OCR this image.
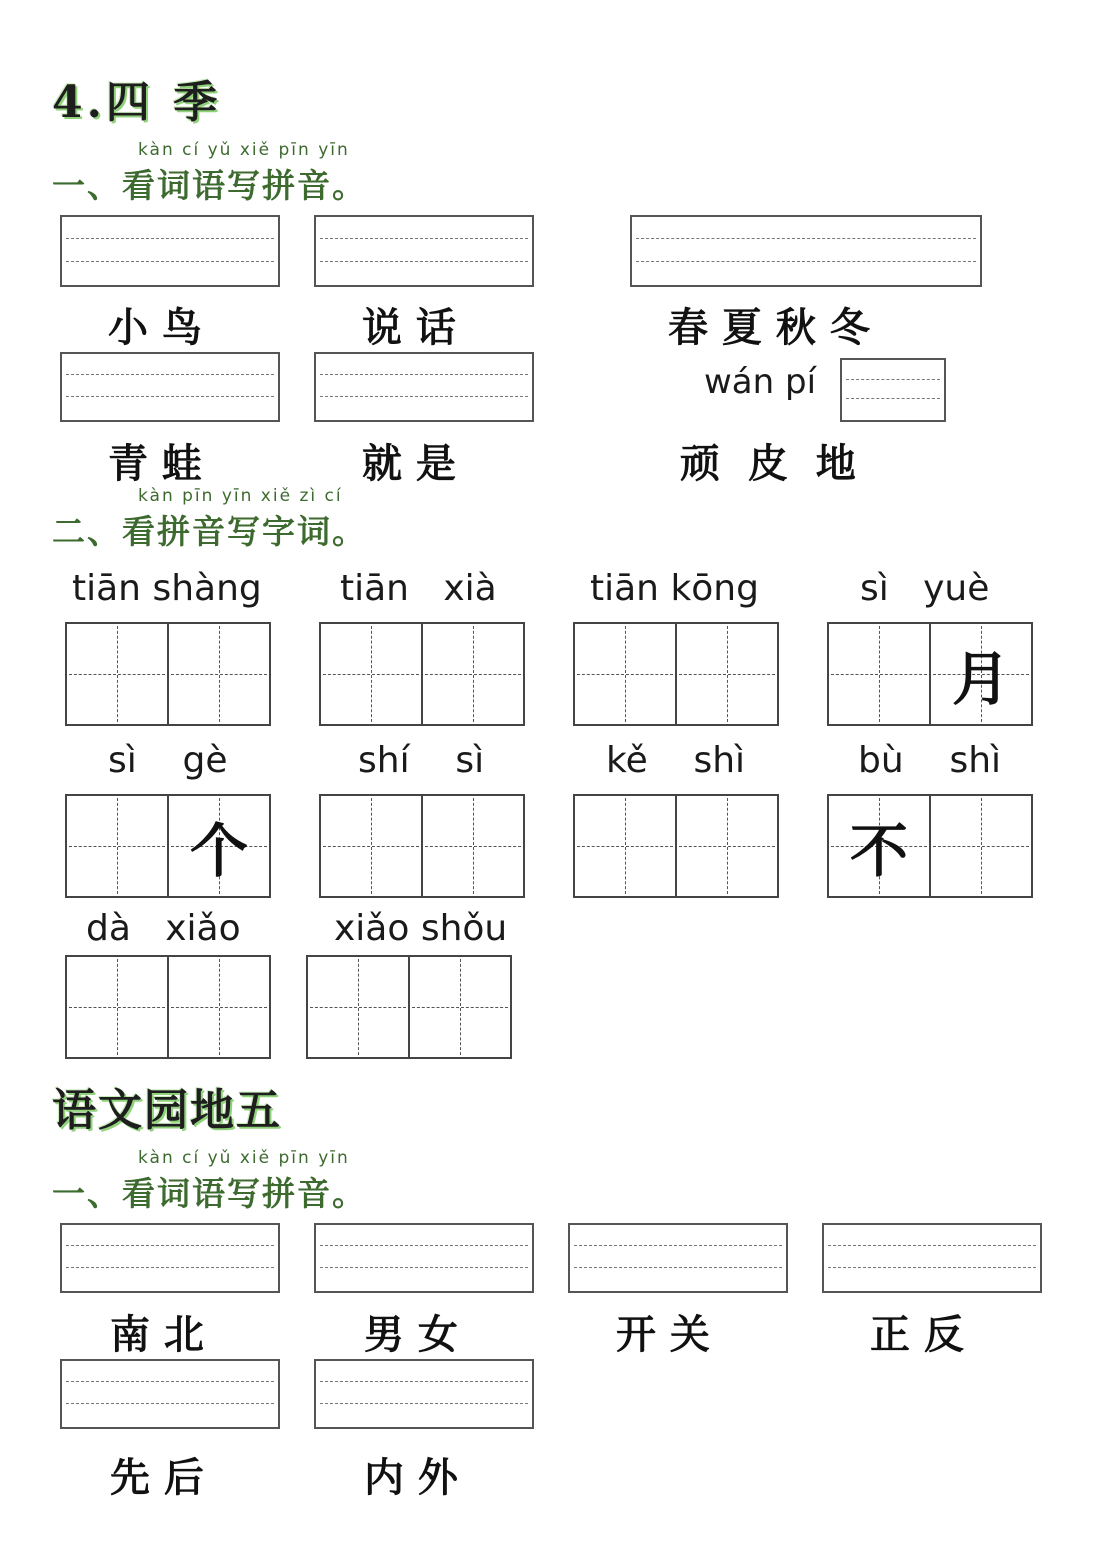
4.四 季
kàn cí yǔ xiě pīn yīn
一、看词语写拼音。
小 鸟	说 话	春 夏 秋 冬
wán pí
青 蛙	就 是	顽  皮  地
kàn pīn yīn xiě zì cí
二、看拼音写字词。
tiān shàng tiān   xià	tiān kōng	sì   yuè
月
sì    gè	shí    sì	kě    shì	bù    shì
个	不
dà   xiǎo	xiǎo shǒu
语文园地五
kàn cí yǔ xiě pīn yīn
一、看词语写拼音。
南 北	男 女	开 关	正 反
先 后	内 外
